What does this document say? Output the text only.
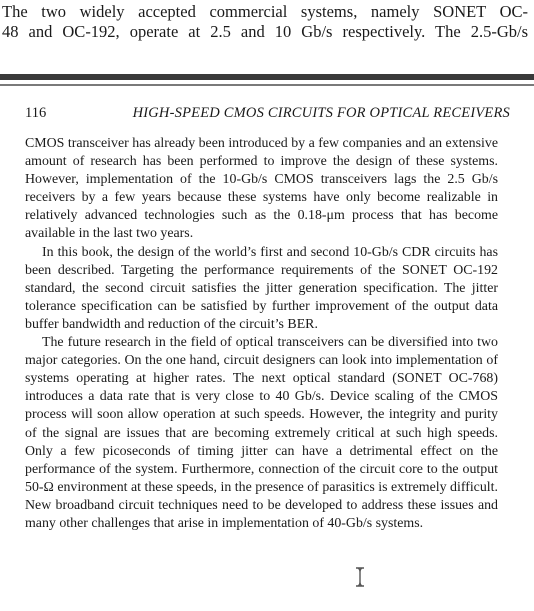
The two widely accepted commercial systems, namely SONET OC-
48 and OC-192, operate at 2.5 and 10 Gb/s respectively. The 2.5-Gb/s
116	HIGH-SPEED CMOS CIRCUITS FOR OPTICAL RECEIVERS

CMOS transceiver has already been introduced by a few companies and an extensive amount of research has been performed to improve the design of these systems. However, implementation of the 10-Gb/s CMOS transceivers lags the 2.5 Gb/s receivers by a few years because these systems have only become realizable in relatively advanced technologies such as the 0.18-μm process that has become available in the last two years.

In this book, the design of the world’s first and second 10-Gb/s CDR circuits has been described. Targeting the performance requirements of the SONET OC-192 standard, the second circuit satisfies the jitter generation specification. The jitter tolerance specification can be satisfied by further improvement of the output data buffer bandwidth and reduction of the circuit’s BER.

The future research in the field of optical transceivers can be diversified into two major categories. On the one hand, circuit designers can look into implementation of systems operating at higher rates. The next optical standard (SONET OC-768) introduces a data rate that is very close to 40 Gb/s. Device scaling of the CMOS process will soon allow operation at such speeds. However, the integrity and purity of the signal are issues that are becoming extremely critical at such high speeds. Only a few picoseconds of timing jitter can have a detrimental effect on the performance of the system. Furthermore, connection of the circuit core to the output 50-Ω environment at these speeds, in the presence of parasitics is extremely difficult. New broadband circuit techniques need to be developed to address these issues and many other challenges that arise in implementation of 40-Gb/s systems.
